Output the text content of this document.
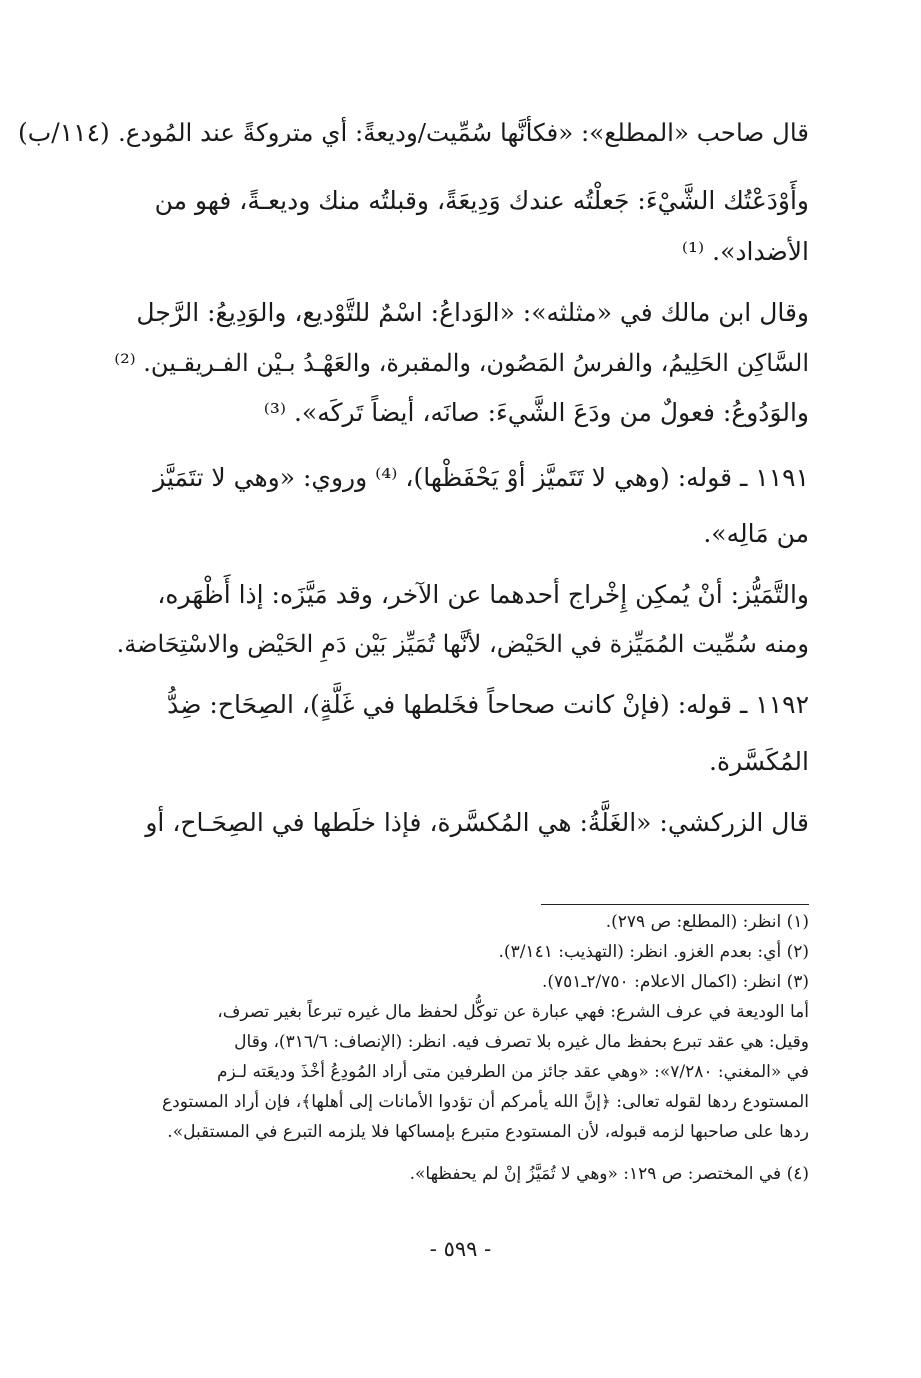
(١١٤/ب) قال صاحب «المطلع»: «فكأنَّها سُمِّيت/وديعةً: أي متروكةً عند المُودع.
وأَوْدَعْتُك الشَّيْءَ: جَعلْتُه عندك وَدِيعَةً، وقبلتُه منك وديعـةً، فهو من
الأضداد». ⁽¹⁾
وقال ابن مالك في «مثلثه»: «الوَداعُ: اسْمٌ للتَّوْديع، والوَدِيعُ: الرَّجل
السَّاكِن الحَلِيمُ، والفرسُ المَصُون، والمقبرة، والعَهْـدُ بـيْن الفـريقـين. ⁽²⁾
والوَدُوعُ: فعولٌ من ودَعَ الشَّيءَ: صانَه، أيضاً تَركَه». ⁽³⁾
١١٩١ ـ قوله: (وهي لا تَتَميَّز أوْ يَحْفَظْها)، ⁽⁴⁾ وروي: «وهي لا تتَمَيَّز
من مَالِه».
والتَّمَيُّز: أنْ يُمكِن إِخْراج أحدهما عن الآخر، وقد مَيَّزَه: إذا أَظْهَره،
ومنه سُمِّيت المُمَيِّزة في الحَيْض، لأنَّها تُمَيِّز بَيْن دَمِ الحَيْض والاسْتِحَاضة.
١١٩٢ ـ قوله: (فإنْ كانت صحاحاً فخَلطها في غَلَّةٍ)، الصِحَاح: ضِدُّ
المُكَسَّرة.
قال الزركشي: «الغَلَّةُ: هي المُكسَّرة، فإذا خلَطها في الصِحَـاح، أو
(١) انظر: (المطلع: ص ٢٧٩).
(٢) أي: بعدم الغزو. انظر: (التهذيب: ٣/١٤١).
(٣) انظر: (اكمال الاعلام: ٢/٧٥٠ـ٧٥١).
أما الوديعة في عرف الشرع: فهي عبارة عن توكُّل لحفظ مال غيره تبرعاً بغير تصرف،
وقيل: هي عقد تبرع بحفظ مال غيره بلا تصرف فيه. انظر: (الإنصاف: ٣١٦/٦)، وقال
في «المغني: ٧/٢٨٠»: «وهي عقد جائز من الطرفين متى أراد المُودِعُ أخْذَ وديعَته لـزم
المستودع ردها لقوله تعالى: ﴿إنَّ الله يأمركم أن تؤدوا الأمانات إلى أهلها﴾، فإن أراد المستودع
ردها على صاحبها لزمه قبوله، لأن المستودع متبرع بإمساكها فلا يلزمه التبرع في المستقبل».
(٤) في المختصر: ص ١٢٩: «وهي لا تُمَيَّزُ إنْ لم يحفظها».
- ٥٩٩ -
